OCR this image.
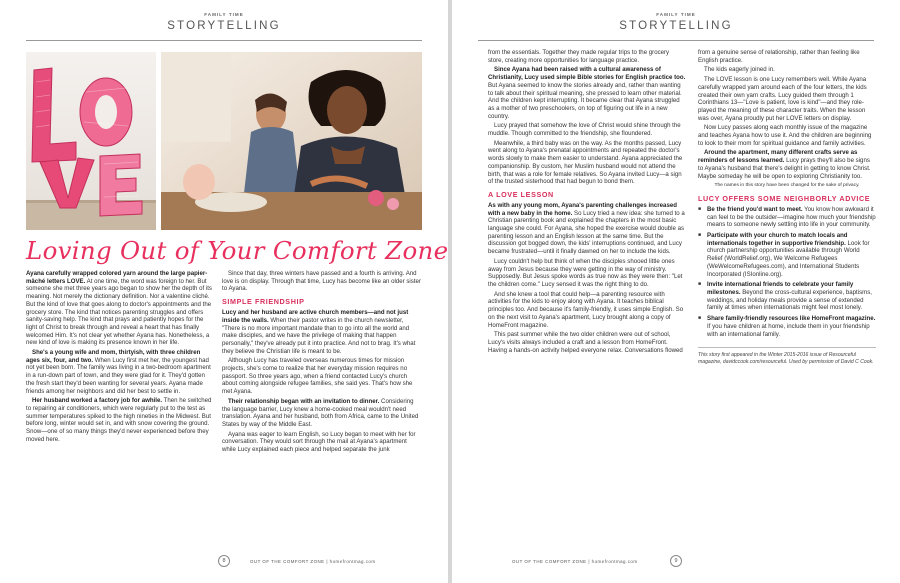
FAMILY TIME
STORYTELLING
Loving Out of Your Comfort Zone

Ayana carefully wrapped colored yarn around the large papier-mâché letters LOVE. At one time, the word was foreign to her. But someone she met three years ago began to show her the depth of its meaning. Not merely the dictionary definition. Nor a valentine cliché. But the kind of love that goes along to doctor's appointments and the grocery store. The kind that notices parenting struggles and offers sanity-saving help. The kind that prays and patiently hopes for the light of Christ to break through and reveal a heart that has finally welcomed Him. It's not clear yet whether Ayana has. Nonetheless, a new kind of love is making its presence known in her life.

She's a young wife and mom, thirtyish, with three children ages six, four, and two. When Lucy first met her, the youngest had not yet been born. The family was living in a two-bedroom apartment in a run-down part of town, and they were glad for it. They'd gotten the fresh start they'd been wanting for several years. Ayana made friends among her neighbors and did her best to settle in.

Her husband worked a factory job for awhile. Then he switched to repairing air conditioners, which were regularly put to the test as summer temperatures spiked to the high nineties in the Midwest. But before long, winter would set in, and with snow covering the ground. Snow—one of so many things they'd never experienced before they moved here.

Since that day, three winters have passed and a fourth is arriving. And love is on display. Through that time, Lucy has become like an older sister to Ayana.

SIMPLE FRIENDSHIP

Lucy and her husband are active church members—and not just inside the walls. When their pastor writes in the church newsletter, "There is no more important mandate than to go into all the world and make disciples, and we have the privilege of making that happen personally," they've already put it into practice. And not to brag. It's what they believe the Christian life is meant to be.

Although Lucy has traveled overseas numerous times for mission projects, she's come to realize that her everyday mission requires no passport. So three years ago, when a friend contacted Lucy's church about coming alongside refugee families, she said yes. That's how she met Ayana.

Their relationship began with an invitation to dinner. Considering the language barrier, Lucy knew a home-cooked meal wouldn't need translation. Ayana and her husband, both from Africa, came to the United States by way of the Middle East.

Ayana was eager to learn English, so Lucy began to meet with her for conversation. They would sort through the mail at Ayana's apartment while Lucy explained each piece and helped separate the junk

8	OUT OF THE COMFORT ZONE | homefrontmag.com
FAMILY TIME
STORYTELLING

from the essentials. Together they made regular trips to the grocery store, creating more opportunities for language practice.

Since Ayana had been raised with a cultural awareness of Christianity, Lucy used simple Bible stories for English practice too. But Ayana seemed to know the stories already and, rather than wanting to talk about their spiritual meaning, she pressed to learn other material. And the children kept interrupting. It became clear that Ayana struggled as a mother of two preschoolers, on top of figuring out life in a new country.

Lucy prayed that somehow the love of Christ would shine through the muddle. Though committed to the friendship, she floundered.

Meanwhile, a third baby was on the way. As the months passed, Lucy went along to Ayana's prenatal appointments and repeated the doctor's words slowly to make them easier to understand. Ayana appreciated the companionship. By custom, her Muslim husband would not attend the birth, that was a role for female relatives. So Ayana invited Lucy—a sign of the trusted sisterhood that had begun to bond them.

A LOVE LESSON

As with any young mom, Ayana's parenting challenges increased with a new baby in the home. So Lucy tried a new idea: she turned to a Christian parenting book and explained the chapters in the most basic language she could. For Ayana, she hoped the exercise would double as parenting lesson and an English lesson at the same time. But the discussion got bogged down, the kids' interruptions continued, and Lucy became frustrated—until it finally dawned on her to include the kids.

Lucy couldn't help but think of when the disciples shooed little ones away from Jesus because they were getting in the way of ministry. Supposedly. But Jesus spoke words as true now as they were then: "Let the children come." Lucy sensed it was the right thing to do.

And she knew a tool that could help—a parenting resource with activities for the kids to enjoy along with Ayana. It teaches biblical principles too. And because it's family-friendly, it uses simple English. So on the next visit to Ayana's apartment, Lucy brought along a copy of HomeFront magazine.

This past summer while the two older children were out of school, Lucy's visits always included a craft and a lesson from HomeFront. Having a hands-on activity helped everyone relax. Conversations flowed

from a genuine sense of relationship, rather than feeling like English practice.

The kids eagerly joined in.

The LOVE lesson is one Lucy remembers well. While Ayana carefully wrapped yarn around each of the four letters, the kids created their own yarn crafts. Lucy guided them through 1 Corinthians 13—"Love is patient, love is kind"—and they role-played the meaning of these character traits. When the lesson was over, Ayana proudly put her LOVE letters on display.

Now Lucy passes along each monthly issue of the magazine and teaches Ayana how to use it. And the children are beginning to look to their mom for spiritual guidance and family activities.

Around the apartment, many different crafts serve as reminders of lessons learned. Lucy prays they'll also be signs to Ayana's husband that there's delight in getting to know Christ. Maybe someday he will be open to exploring Christianity too.

The names in this story have been changed for the sake of privacy.

LUCY OFFERS SOME NEIGHBORLY ADVICE
■ Be the friend you'd want to meet. You know how awkward it can feel to be the outsider—imagine how much your friendship means to someone newly settling into life in your community.
■ Participate with your church to match locals and internationals together in supportive friendship. Look for church partnership opportunities available through World Relief (WorldRelief.org), We Welcome Refugees (WeWelcomeRefugees.com), and International Students Incorporated (ISIonline.org).
■ Invite international friends to celebrate your family milestones. Beyond the cross-cultural experience, baptisms, weddings, and holiday meals provide a sense of extended family at times when internationals might feel most lonely.
■ Share family-friendly resources like HomeFront magazine. If you have children at home, include them in your friendship with an international family.

This story first appeared in the Winter 2015-2016 issue of Resourceful magazine, davidccook.com/resourceful. Used by permission of David C Cook.

OUT OF THE COMFORT ZONE | homefrontmag.com	9
